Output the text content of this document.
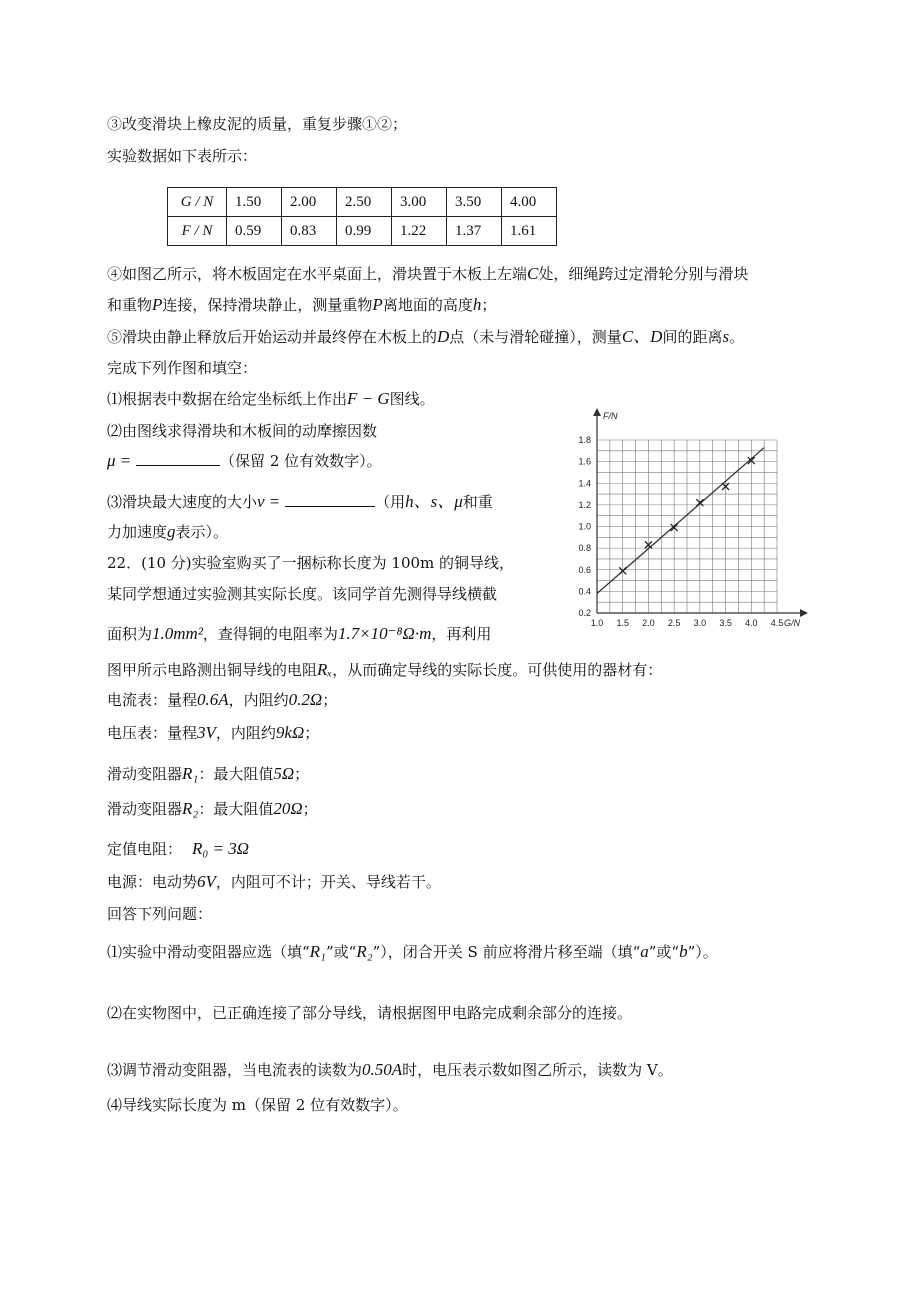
③改变滑块上橡皮泥的质量，重复步骤①②；
实验数据如下表所示：
G / N	1.50	2.00	2.50	3.00	3.50	4.00
F / N	0.59	0.83	0.99	1.22	1.37	1.61
④如图乙所示，将木板固定在水平桌面上，滑块置于木板上左端C处，细绳跨过定滑轮分别与滑块
和重物P连接，保持滑块静止，测量重物P离地面的高度h；
⑤滑块由静止释放后开始运动并最终停在木板上的D点（未与滑轮碰撞），测量C、D间的距离s。
完成下列作图和填空：
⑴根据表中数据在给定坐标纸上作出F − G图线。
⑵由图线求得滑块和木板间的动摩擦因数
μ =	（保留 2 位有效数字）。
⑶滑块最大速度的大小v =	（用h、s、μ和重
力加速度g表示）。
22．(10 分)实验室购买了一捆标称长度为 100m 的铜导线，
某同学想通过实验测其实际长度。该同学首先测得导线横截
面积为1.0mm²，查得铜的电阻率为1.7×10⁻⁸Ω·m，再利用
图甲所示电路测出铜导线的电阻Rₓ，从而确定导线的实际长度。可供使用的器材有：
电流表：量程0.6A，内阻约0.2Ω；
电压表：量程3V，内阻约9kΩ；
滑动变阻器R₁：最大阻值5Ω；
滑动变阻器R₂：最大阻值20Ω；
定值电阻： R₀ = 3Ω
电源：电动势6V，内阻可不计；开关、导线若干。
回答下列问题：
⑴实验中滑动变阻器应选（填“R₁”或“R₂”），闭合开关 S 前应将滑片移至端（填“a”或“b”）。
⑵在实物图中，已正确连接了部分导线，请根据图甲电路完成剩余部分的连接。
⑶调节滑动变阻器，当电流表的读数为0.50A时，电压表示数如图乙所示，读数为 V。
⑷导线实际长度为 m（保留 2 位有效数字）。
1.0 1.5 2.0 2.5 3.0 3.5 4.0 4.5
0.2
0.4
0.6
0.8
1.0
1.2
1.4
1.6
1.8
G/N
F/N
